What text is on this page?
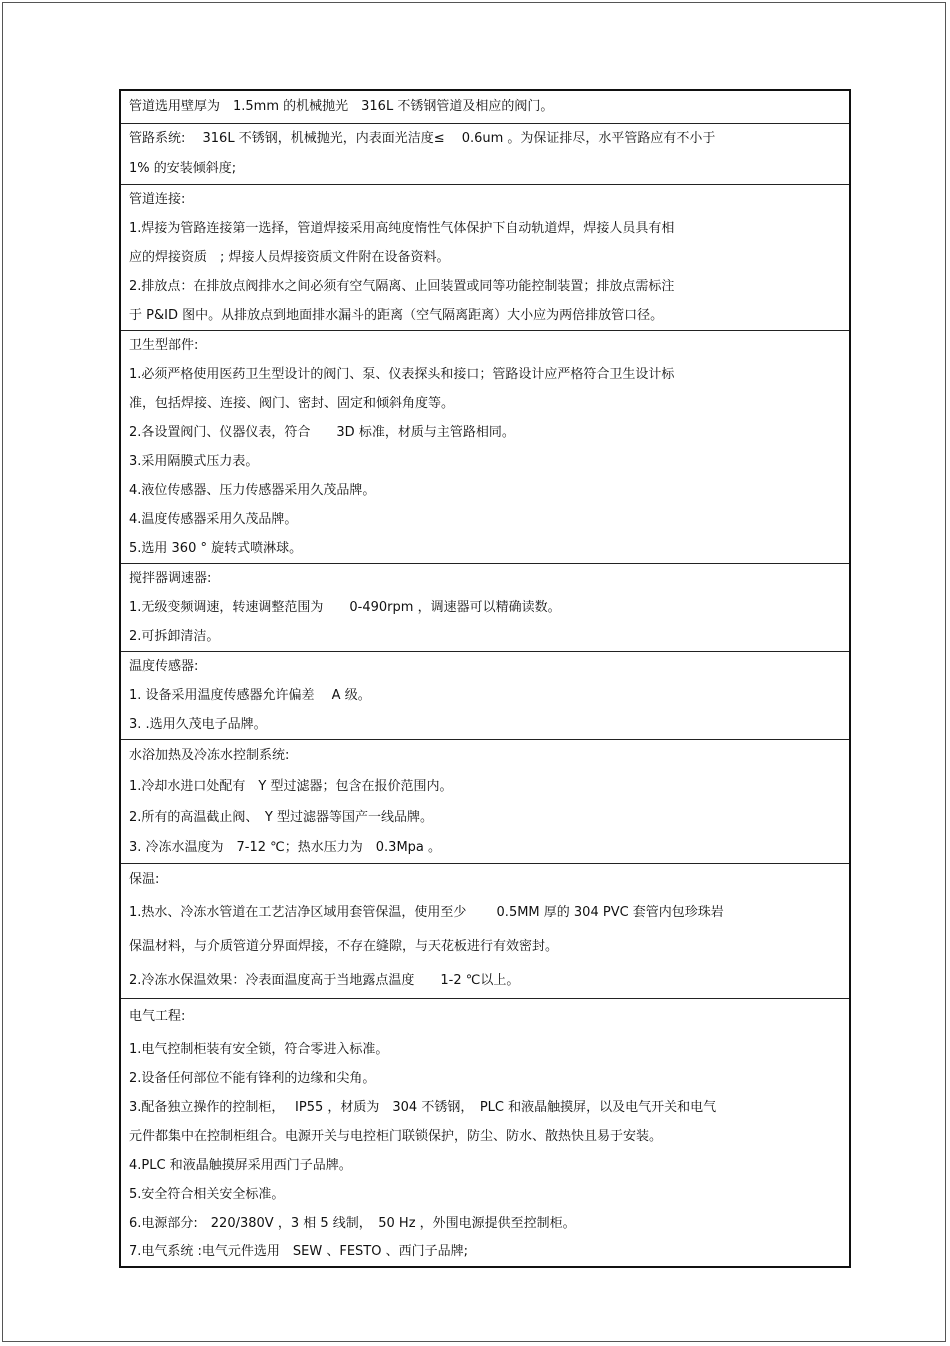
管道选用壁厚为　1.5mm 的机械抛光　316L 不锈钢管道及相应的阀门。
管路系统:　 316L 不锈钢，机械抛光，内表面光洁度≤　 0.6um 。为保证排尽，水平管路应有不小于
1% 的安装倾斜度;
管道连接:
1.焊接为管路连接第一选择，管道焊接采用高纯度惰性气体保护下自动轨道焊，焊接人员具有相
应的焊接资质　; 焊接人员焊接资质文件附在设备资料。
2.排放点：在排放点阀排水之间必须有空气隔离、止回装置或同等功能控制装置；排放点需标注
于 P&ID 图中。从排放点到地面排水漏斗的距离（空气隔离距离）大小应为两倍排放管口径。
卫生型部件:
1.必须严格使用医药卫生型设计的阀门、泵、仪表探头和接口；管路设计应严格符合卫生设计标
准，包括焊接、连接、阀门、密封、固定和倾斜角度等。
2.各设置阀门、仪器仪表，符合　　3D 标准，材质与主管路相同。
3.采用隔膜式压力表。
4.液位传感器、压力传感器采用久茂品牌。
4.温度传感器采用久茂品牌。
5.选用 360 ° 旋转式喷淋球。
搅拌器调速器:
1.无级变频调速，转速调整范围为　　0-490rpm ，调速器可以精确读数。
2.可拆卸清洁。
温度传感器:
1. 设备采用温度传感器允许偏差　 A 级。
3. .选用久茂电子品牌。
水浴加热及冷冻水控制系统:
1.冷却水进口处配有　Y 型过滤器；包含在报价范围内。
2.所有的高温截止阀、　Y 型过滤器等国产一线品牌。
3. 冷冻水温度为　7-12 ℃；热水压力为　0.3Mpa 。
保温:
1.热水、冷冻水管道在工艺洁净区域用套管保温，使用至少　　 0.5MM 厚的 304 PVC 套管内包珍珠岩
保温材料，与介质管道分界面焊接，不存在缝隙，与天花板进行有效密封。
2.冷冻水保温效果：冷表面温度高于当地露点温度　　1-2 ℃以上。
电气工程:
1.电气控制柜装有安全锁，符合零进入标准。
2.设备任何部位不能有锋利的边缘和尖角。
3.配备独立操作的控制柜，　 IP55 ，材质为　304 不锈钢，　PLC 和液晶触摸屏，以及电气开关和电气
元件都集中在控制柜组合。电源开关与电控柜门联锁保护，防尘、防水、散热快且易于安装。
4.PLC 和液晶触摸屏采用西门子品牌。
5.安全符合相关安全标准。
6.电源部分:　220/380V ，3 相 5 线制，　50 Hz ，外围电源提供至控制柜。
7.电气系统 :电气元件选用　SEW 、FESTO 、西门子品牌;
